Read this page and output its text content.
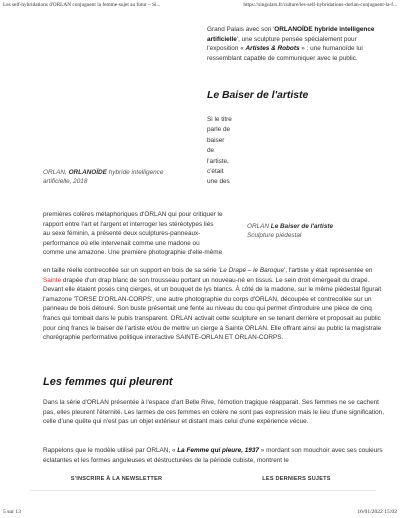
Les self-hybridations d'ORLAN conjuguent la femme-sujet au futur – Si...	https://singulars.fr/culture/les-self-hybridations-dorlan-conjuguent-la-f...
Grand Palais avec son 'ORLANOÏDE hybride intelligence artificielle', une sculpture pensée spécialement pour l'exposition « Artistes & Robots » : une humanoïde lui ressemblant capable de communiquer avec le public.
Le Baiser de l'artiste
Si le titre
parle de
baiser
de
l'artiste,
c'était
une des
ORLAN, ORLANOÏDE hybride intelligence artificielle, 2018
premières colères métaphoriques d'ORLAN qui pour critiquer le
rapport entre l'art et l'argent et interroger les stéréotypes liés
au sexe féminin, a présenté deux sculptures-panneaux-
performance où elle intervenait comme une madone ou
comme une amazone. Une première photographie d'elle-même
ORLAN Le Baiser de l'artiste
Sculpture piédestal
en taille réelle contrecollée sur un support en bois de sa série 'Le Drapé – le Baroque', l'artiste y était représentée en Sainte drapée d'un drap blanc de son trousseau portant un nouveau-né en tissus. Le sein droit émergeait du drapé. Devant elle étaient posés cinq cierges, et un bouquet de lys blancs. À côté de la madone, sur le même piédestal figurait l'amazone 'TORSE D'ORLAN-CORPS', une autre photographie du corps d'ORLAN, découpée et contrecollée sur un panneau de bois détouré. Son buste présentait une fente au niveau du cou qui permet d'introduire une pièce de cinq francs qui tombait dans le pubis transparent. ORLAN activait cette sculpture en se tenant derrière et proposait au public pour cinq francs le baiser de l'artiste et/ou de mettre un cierge à Sainte ORLAN. Elle offrant ainsi au public la magistrale chorégraphie performative politique interactive SAINTE-ORLAN ET ORLAN-CORPS.
Les femmes qui pleurent
Dans la série d'ORLAN présentée à l'espace d'art Belle Rive, l'émotion tragique réapparait. Ses femmes ne se cachent pas, elles pleurent l'éternité. Les larmes de ces femmes en colère ne sont pas expression mais le lieu d'une signification, celle d'une quête qui n'est pas un objet extérieur et distant mais celui d'une expérience vécue.
Rappelons que le modèle utilisé par ORLAN, « La Femme qui pleure, 1937 » mordant son mouchoir avec ses couleurs éclatantes et les formes anguleuses et déstructurées de la période cubiste, montrent le
S'INSCRIRE À LA NEWSLETTER	LES DERNIERS SUJETS
5 sur 13	16/01/2022 15:02
